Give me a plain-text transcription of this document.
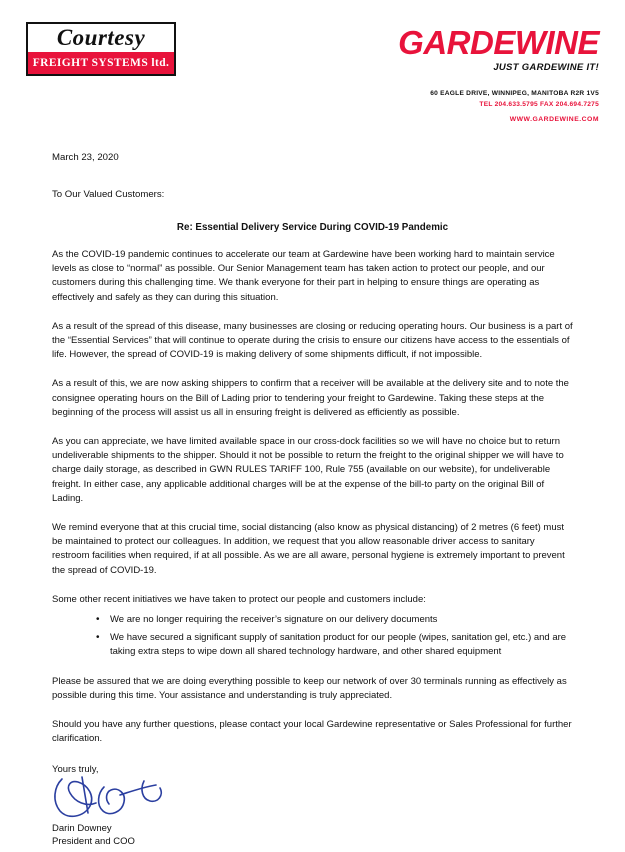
Courtesy
FREIGHT SYSTEMS ltd.
GARDEWINE
JUST GARDEWINE IT!
60 EAGLE DRIVE, WINNIPEG, MANITOBA R2R 1V5
TEL 204.633.5795 FAX 204.694.7275
WWW.GARDEWINE.COM
March 23, 2020
To Our Valued Customers:
Re: Essential Delivery Service During COVID-19 Pandemic

As the COVID-19 pandemic continues to accelerate our team at Gardewine have been working hard to maintain service levels as close to “normal” as possible. Our Senior Management team has taken action to protect our people, and our customers during this challenging time. We thank everyone for their part in helping to ensure things are operating as effectively and safely as they can during this situation.

As a result of the spread of this disease, many businesses are closing or reducing operating hours. Our business is a part of the “Essential Services” that will continue to operate during the crisis to ensure our citizens have access to the essentials of life. However, the spread of COVID-19 is making delivery of some shipments difficult, if not impossible.

As a result of this, we are now asking shippers to confirm that a receiver will be available at the delivery site and to note the consignee operating hours on the Bill of Lading prior to tendering your freight to Gardewine. Taking these steps at the beginning of the process will assist us all in ensuring freight is delivered as efficiently as possible.

As you can appreciate, we have limited available space in our cross-dock facilities so we will have no choice but to return undeliverable shipments to the shipper. Should it not be possible to return the freight to the original shipper we will have to charge daily storage, as described in GWN RULES TARIFF 100, Rule 755 (available on our website), for undeliverable freight. In either case, any applicable additional charges will be at the expense of the bill-to party on the original Bill of Lading.

We remind everyone that at this crucial time, social distancing (also know as physical distancing) of 2 metres (6 feet) must be maintained to protect our colleagues. In addition, we request that you allow reasonable driver access to sanitary restroom facilities when required, if at all possible. As we are all aware, personal hygiene is extremely important to prevent the spread of COVID-19.

Some other recent initiatives we have taken to protect our people and customers include:

• We are no longer requiring the receiver’s signature on our delivery documents
• We have secured a significant supply of sanitation product for our people (wipes, sanitation gel, etc.) and are taking extra steps to wipe down all shared technology hardware, and other shared equipment

Please be assured that we are doing everything possible to keep our network of over 30 terminals running as effectively as possible during this time. Your assistance and understanding is truly appreciated.

Should you have any further questions, please contact your local Gardewine representative or Sales Professional for further clarification.

Yours truly,
Darin Downey
President and COO
